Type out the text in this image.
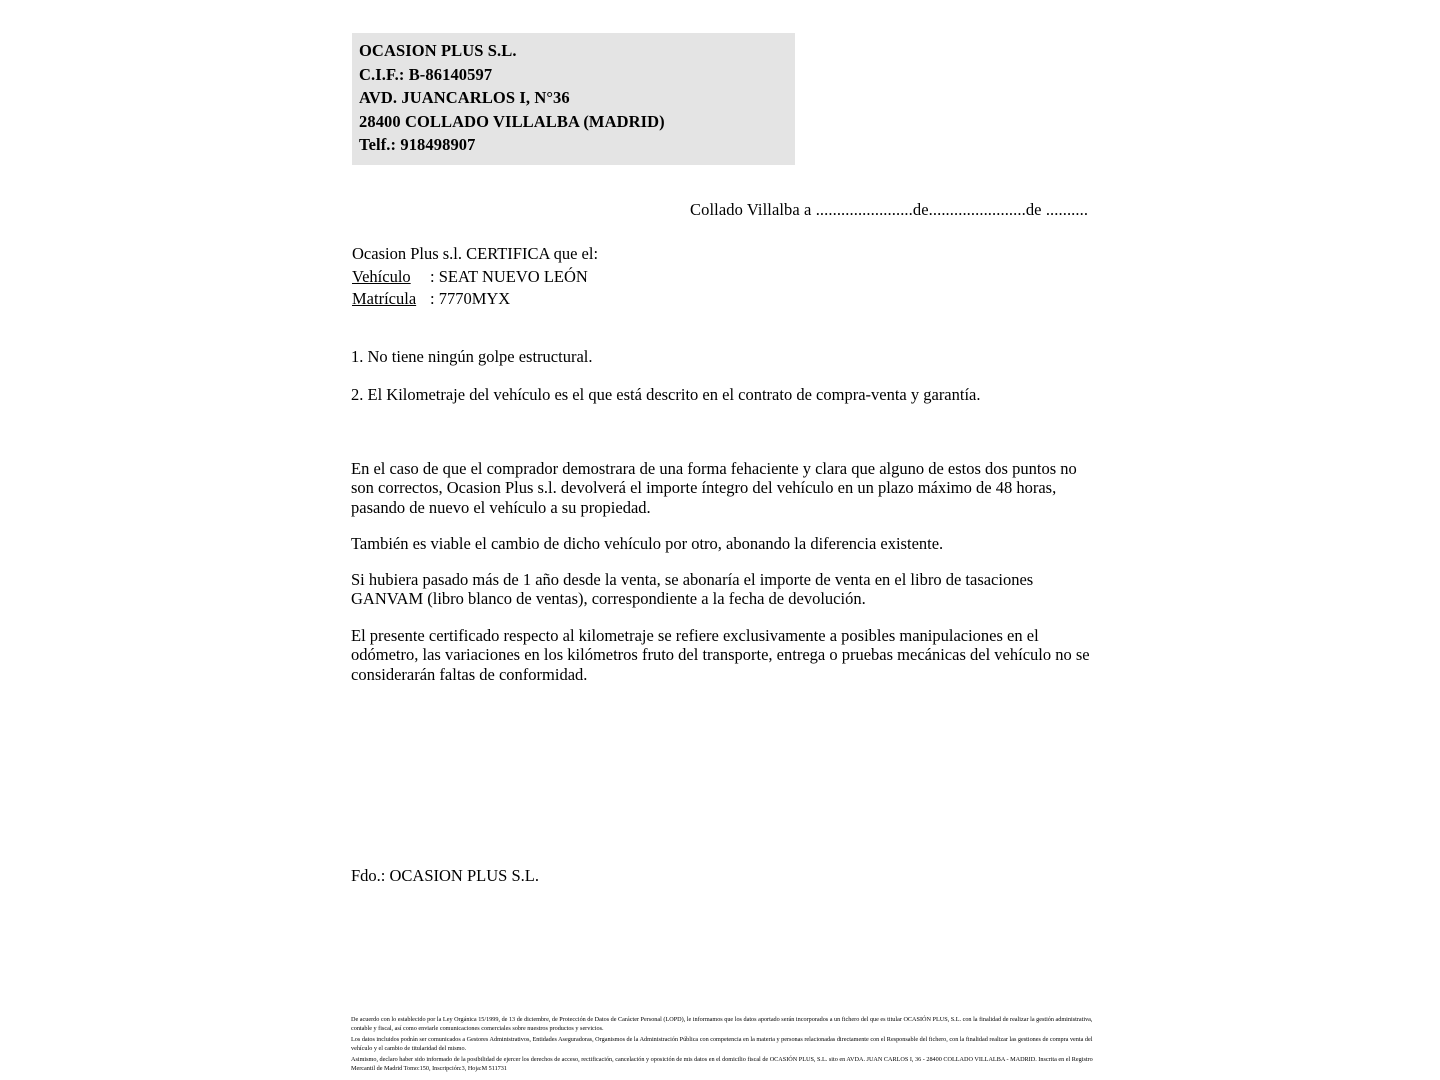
OCASION PLUS S.L.
C.I.F.: B-86140597
AVD. JUANCARLOS I, N°36
28400 COLLADO VILLALBA (MADRID)
Telf.: 918498907
Collado Villalba a .......................de.......................de ..........
Ocasion Plus s.l. CERTIFICA que el:
Vehículo : SEAT NUEVO LEÓN
Matrícula : 7770MYX
1. No tiene ningún golpe estructural.
2. El Kilometraje del vehículo es el que está descrito en el contrato de compra-venta y garantía.
En el caso de que el comprador demostrara de una forma fehaciente y clara que alguno de estos dos puntos no son correctos, Ocasion Plus s.l. devolverá el importe íntegro del vehículo en un plazo máximo de 48 horas, pasando de nuevo el vehículo a su propiedad.
También es viable el cambio de dicho vehículo por otro, abonando la diferencia existente.
Si hubiera pasado más de 1 año desde la venta, se abonaría el importe de venta en el libro de tasaciones GANVAM (libro blanco de ventas), correspondiente a la fecha de devolución.
El presente certificado respecto al kilometraje se refiere exclusivamente a posibles manipulaciones en el odómetro, las variaciones en los kilómetros fruto del transporte, entrega o pruebas mecánicas del vehículo no se considerarán faltas de conformidad.
Fdo.: OCASION PLUS S.L.

De acuerdo con lo establecido por la Ley Orgánica 15/1999, de 13 de diciembre, de Protección de Datos de Carácter Personal (LOPD), le informamos que los datos aportado serán incorporados a un fichero del que es titular OCASIÓN PLUS, S.L. con la finalidad de realizar la gestión administrativa, contable y fiscal, así como enviarle comunicaciones comerciales sobre nuestros productos y servicios.

Los datos incluidos podrán ser comunicados a Gestores Administrativos, Entidades Aseguradoras, Organismos de la Administración Pública con competencia en la materia y personas relacionadas directamente con el Responsable del fichero, con la finalidad realizar las gestiones de compra venta del vehículo y el cambio de titularidad del mismo.

Asimismo, declaro haber sido informado de la posibilidad de ejercer los derechos de acceso, rectificación, cancelación y oposición de mis datos en el domicilio fiscal de OCASIÓN PLUS, S.L. sito en AVDA. JUAN CARLOS I, 36 - 28400 COLLADO VILLALBA - MADRID. Inscrita en el Registro Mercantil de Madrid Tomo:150, Inscripción:3, Hoja:M 511731
